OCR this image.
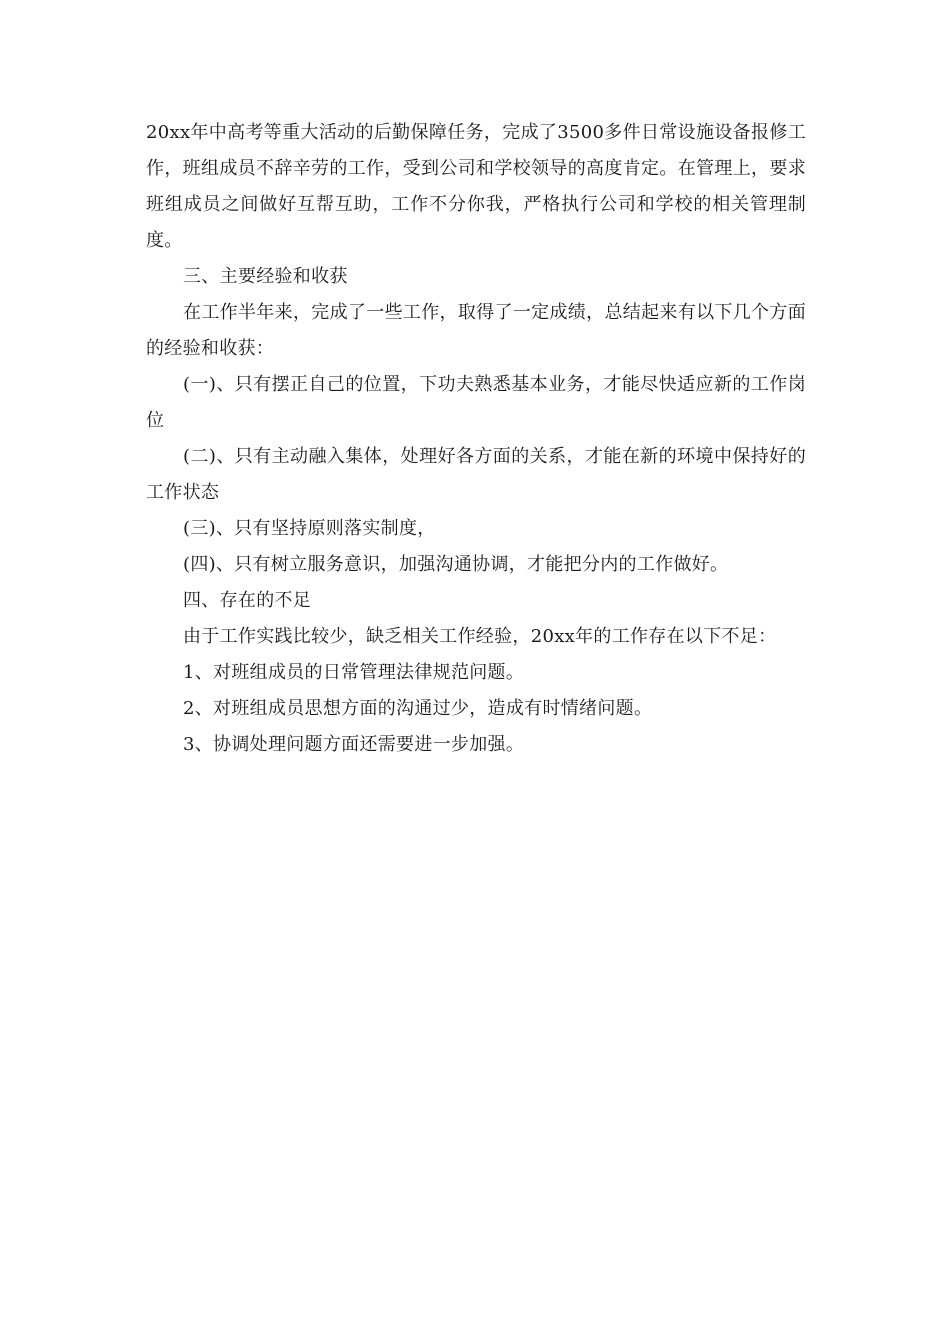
20xx年中高考等重大活动的后勤保障任务，完成了3500多件日常设施设备报修工作，班组成员不辞辛劳的工作，受到公司和学校领导的高度肯定。在管理上，要求班组成员之间做好互帮互助，工作不分你我，严格执行公司和学校的相关管理制度。

三、主要经验和收获

在工作半年来，完成了一些工作，取得了一定成绩，总结起来有以下几个方面的经验和收获：

(一)、只有摆正自己的位置，下功夫熟悉基本业务，才能尽快适应新的工作岗位

(二)、只有主动融入集体，处理好各方面的关系，才能在新的环境中保持好的工作状态

(三)、只有坚持原则落实制度，

(四)、只有树立服务意识，加强沟通协调，才能把分内的工作做好。

四、存在的不足

由于工作实践比较少，缺乏相关工作经验，20xx年的工作存在以下不足：

1、对班组成员的日常管理法律规范问题。

2、对班组成员思想方面的沟通过少，造成有时情绪问题。

3、协调处理问题方面还需要进一步加强。
